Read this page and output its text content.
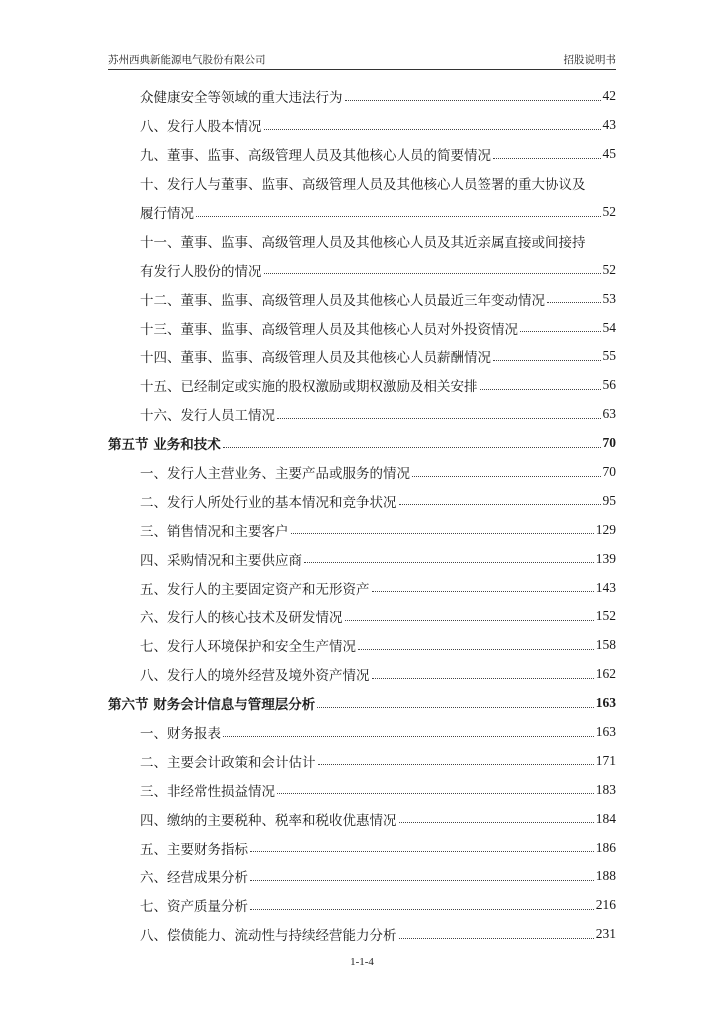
苏州西典新能源电气股份有限公司	招股说明书
众健康安全等领域的重大违法行为	42
八、发行人股本情况	43
九、董事、监事、高级管理人员及其他核心人员的简要情况	45
十、发行人与董事、监事、高级管理人员及其他核心人员签署的重大协议及
履行情况	52
十一、董事、监事、高级管理人员及其他核心人员及其近亲属直接或间接持
有发行人股份的情况	52
十二、董事、监事、高级管理人员及其他核心人员最近三年变动情况	53
十三、董事、监事、高级管理人员及其他核心人员对外投资情况	54
十四、董事、监事、高级管理人员及其他核心人员薪酬情况	55
十五、已经制定或实施的股权激励或期权激励及相关安排	56
十六、发行人员工情况	63
第五节 业务和技术	70
一、发行人主营业务、主要产品或服务的情况	70
二、发行人所处行业的基本情况和竞争状况	95
三、销售情况和主要客户	129
四、采购情况和主要供应商	139
五、发行人的主要固定资产和无形资产	143
六、发行人的核心技术及研发情况	152
七、发行人环境保护和安全生产情况	158
八、发行人的境外经营及境外资产情况	162
第六节 财务会计信息与管理层分析	163
一、财务报表	163
二、主要会计政策和会计估计	171
三、非经常性损益情况	183
四、缴纳的主要税种、税率和税收优惠情况	184
五、主要财务指标	186
六、经营成果分析	188
七、资产质量分析	216
八、偿债能力、流动性与持续经营能力分析	231
1-1-4
